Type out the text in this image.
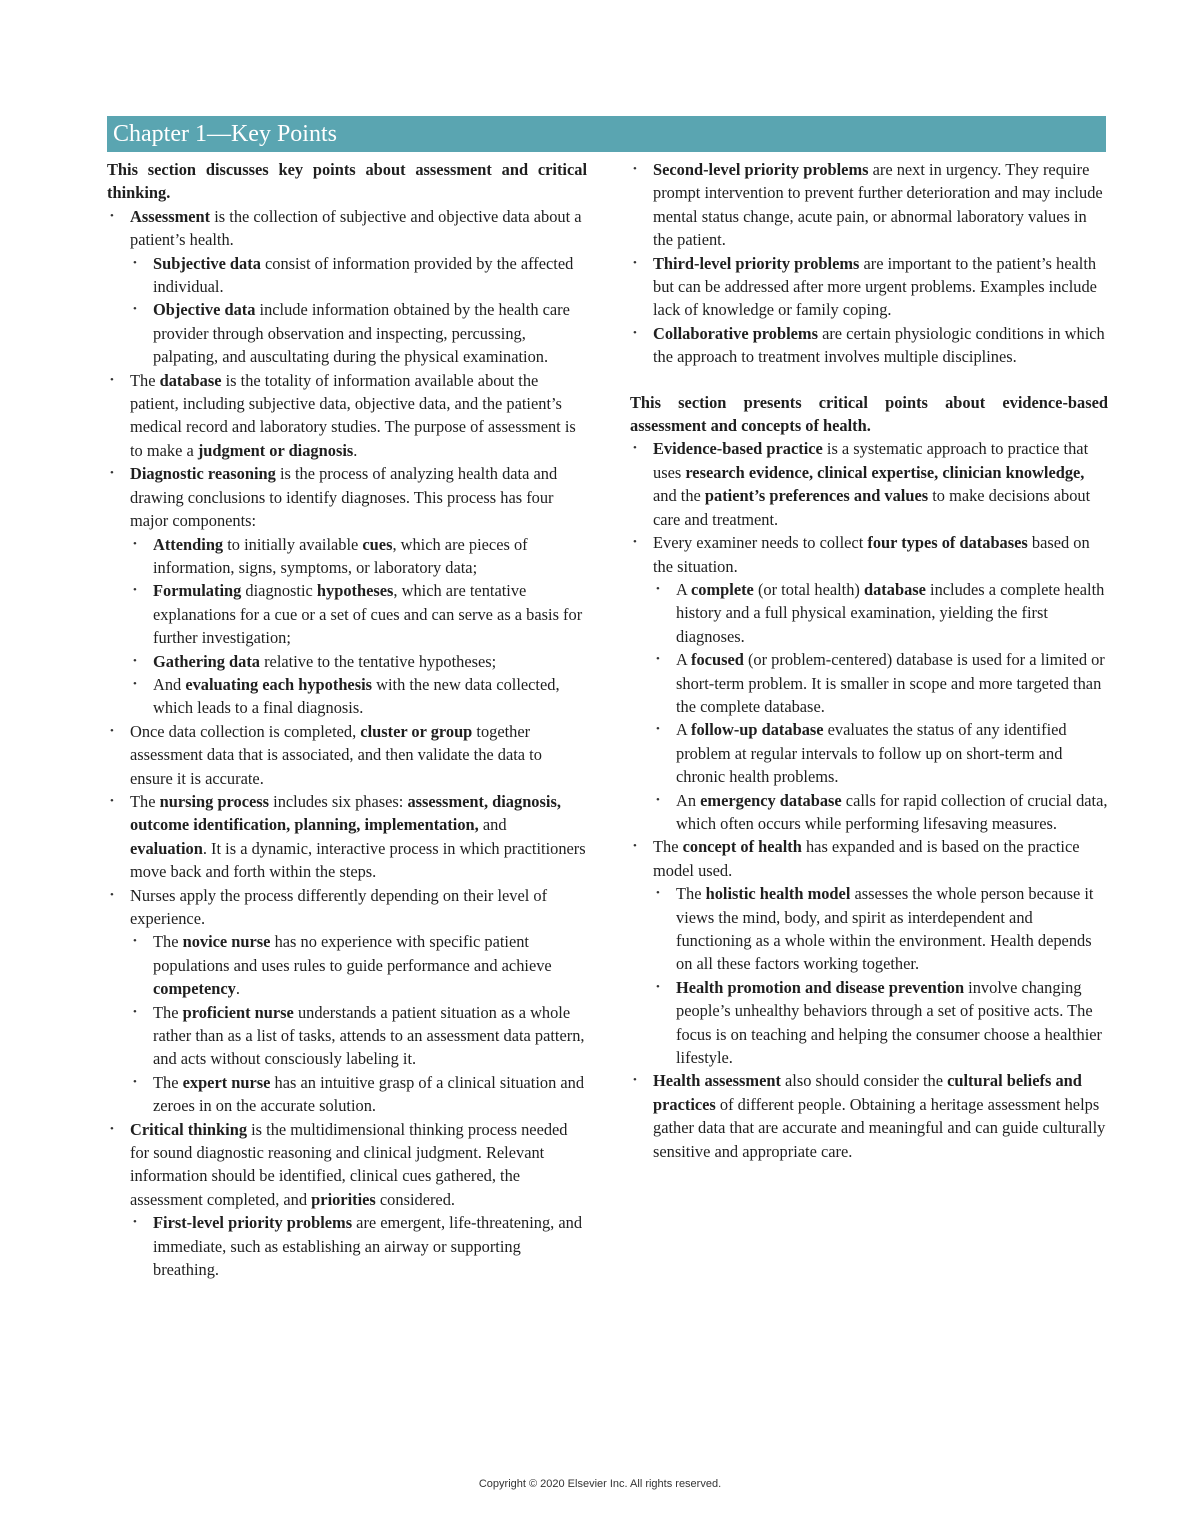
Chapter 1—Key Points

This section discusses key points about assessment and critical thinking.

• Assessment is the collection of subjective and objective data about a patient’s health.
• Subjective data consist of information provided by the affected individual.
• Objective data include information obtained by the health care provider through observation and inspecting, percussing, palpating, and auscultating during the physical examination.
• The database is the totality of information available about the patient, including subjective data, objective data, and the patient’s medical record and laboratory studies. The purpose of assessment is to make a judgment or diagnosis.
• Diagnostic reasoning is the process of analyzing health data and drawing conclusions to identify diagnoses. This process has four major components:
• Attending to initially available cues, which are pieces of information, signs, symptoms, or laboratory data;
• Formulating diagnostic hypotheses, which are tentative explanations for a cue or a set of cues and can serve as a basis for further investigation;
• Gathering data relative to the tentative hypotheses;
• And evaluating each hypothesis with the new data collected, which leads to a final diagnosis.
• Once data collection is completed, cluster or group together assessment data that is associated, and then validate the data to ensure it is accurate.
• The nursing process includes six phases: assessment, diagnosis, outcome identification, planning, implementation, and evaluation. It is a dynamic, interactive process in which practitioners move back and forth within the steps.
• Nurses apply the process differently depending on their level of experience.
• The novice nurse has no experience with specific patient populations and uses rules to guide performance and achieve competency.
• The proficient nurse understands a patient situation as a whole rather than as a list of tasks, attends to an assessment data pattern, and acts without consciously labeling it.
• The expert nurse has an intuitive grasp of a clinical situation and zeroes in on the accurate solution.
• Critical thinking is the multidimensional thinking process needed for sound diagnostic reasoning and clinical judgment. Relevant information should be identified, clinical cues gathered, the assessment completed, and priorities considered.
• First-level priority problems are emergent, life-threatening, and immediate, such as establishing an airway or supporting breathing.
• Second-level priority problems are next in urgency. They require prompt intervention to prevent further deterioration and may include mental status change, acute pain, or abnormal laboratory values in the patient.
• Third-level priority problems are important to the patient’s health but can be addressed after more urgent problems. Examples include lack of knowledge or family coping.
• Collaborative problems are certain physiologic conditions in which the approach to treatment involves multiple disciplines.

This section presents critical points about evidence-based assessment and concepts of health.

• Evidence-based practice is a systematic approach to practice that uses research evidence, clinical expertise, clinician knowledge, and the patient’s preferences and values to make decisions about care and treatment.
• Every examiner needs to collect four types of databases based on the situation.
• A complete (or total health) database includes a complete health history and a full physical examination, yielding the first diagnoses.
• A focused (or problem-centered) database is used for a limited or short-term problem. It is smaller in scope and more targeted than the complete database.
• A follow-up database evaluates the status of any identified problem at regular intervals to follow up on short-term and chronic health problems.
• An emergency database calls for rapid collection of crucial data, which often occurs while performing lifesaving measures.
• The concept of health has expanded and is based on the practice model used.
• The holistic health model assesses the whole person because it views the mind, body, and spirit as interdependent and functioning as a whole within the environment. Health depends on all these factors working together.
• Health promotion and disease prevention involve changing people’s unhealthy behaviors through a set of positive acts. The focus is on teaching and helping the consumer choose a healthier lifestyle.
• Health assessment also should consider the cultural beliefs and practices of different people. Obtaining a heritage assessment helps gather data that are accurate and meaningful and can guide culturally sensitive and appropriate care.
Copyright © 2020 Elsevier Inc. All rights reserved.
